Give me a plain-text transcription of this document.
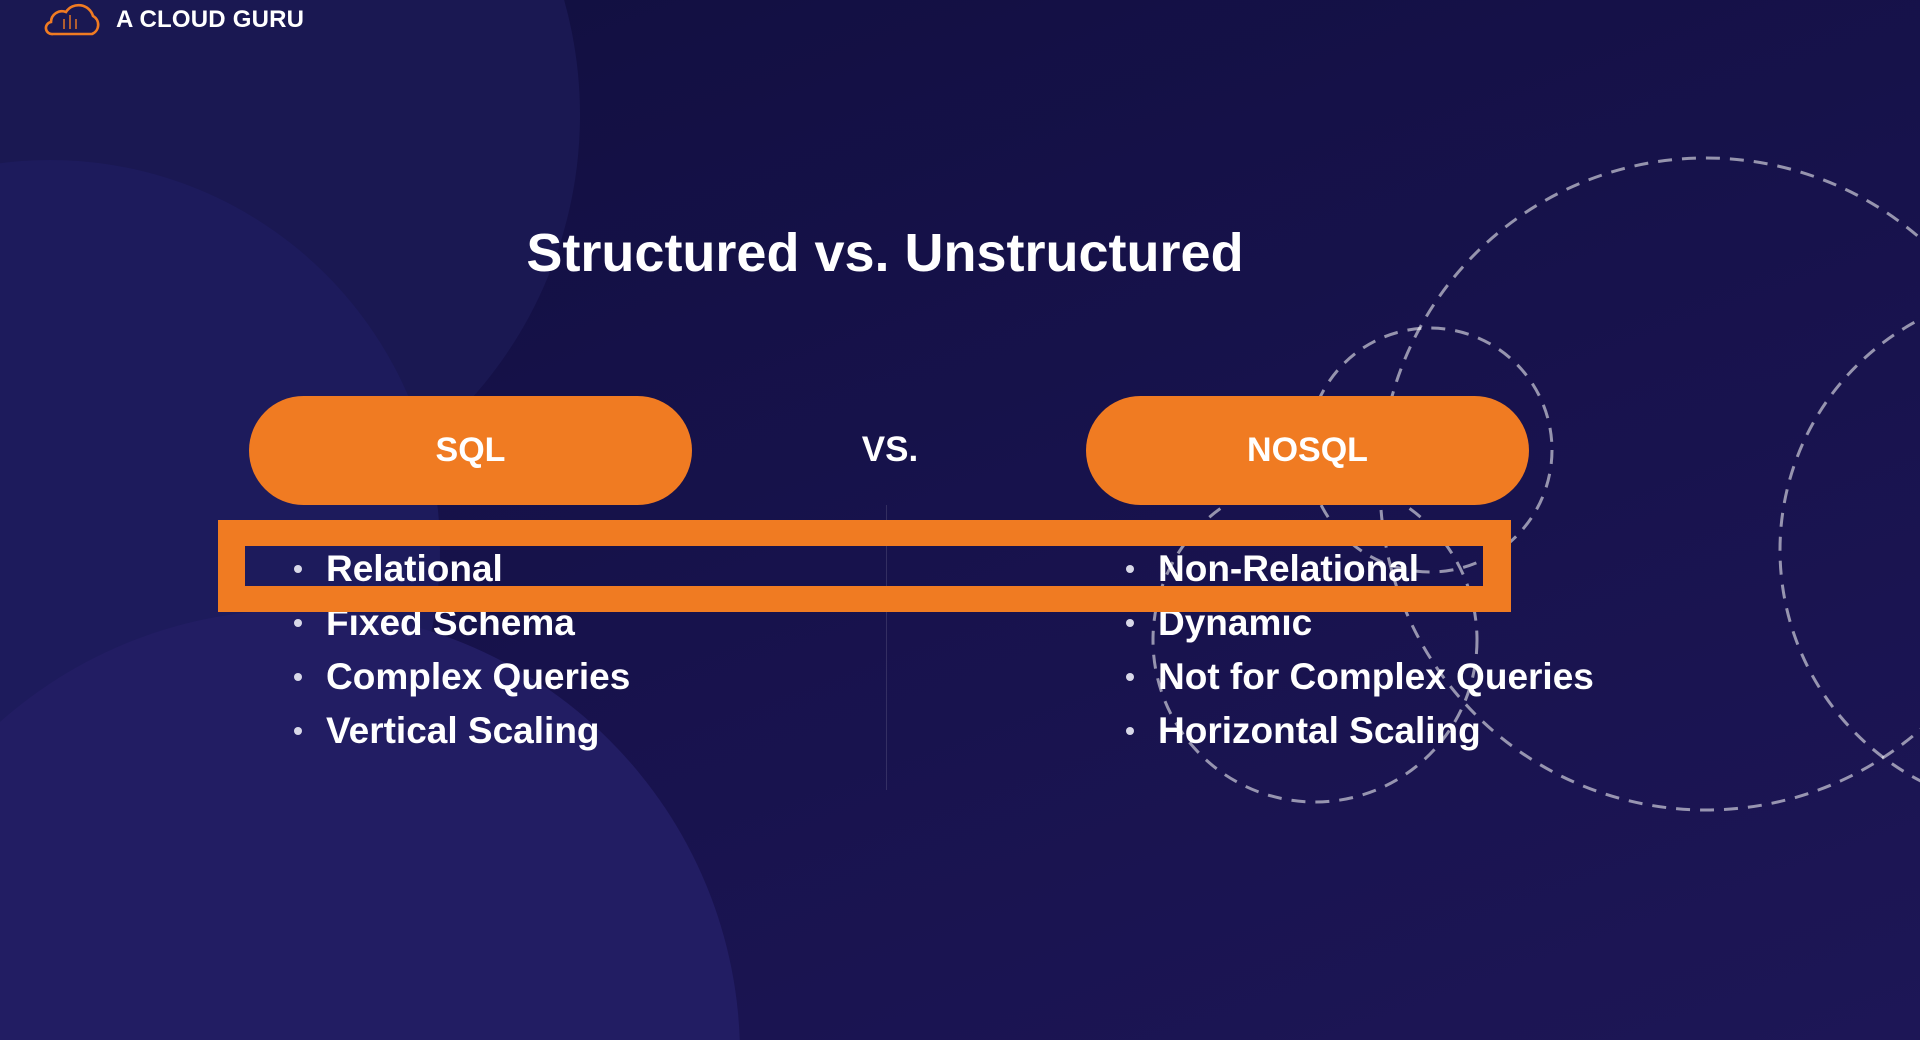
A CLOUD GURU
Structured vs. Unstructured
SQL	VS.	NOSQL
Relational
Fixed Schema
Complex Queries
Vertical Scaling
Non-Relational
Dynamic
Not for Complex Queries
Horizontal Scaling
